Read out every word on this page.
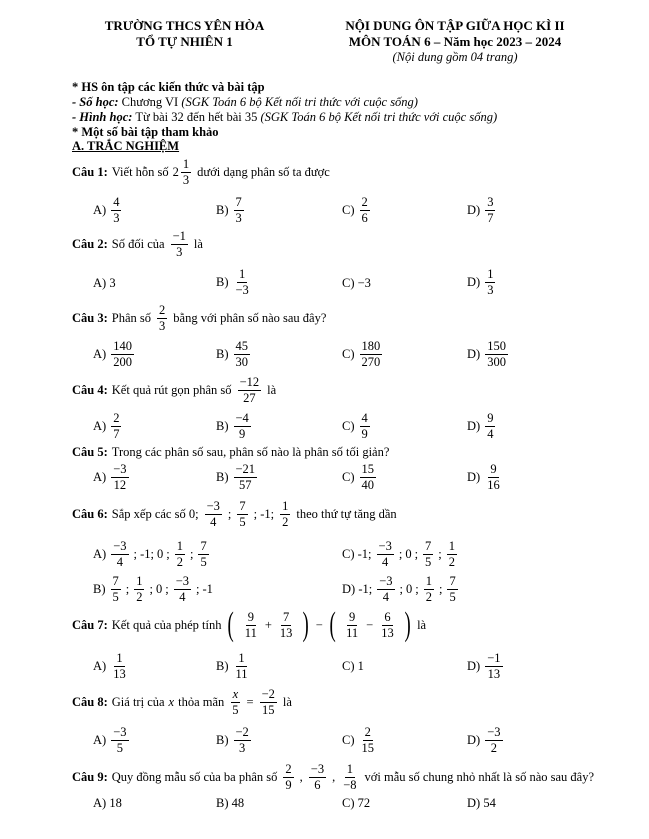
TRƯỜNG THCS YÊN HÒA
TỔ TỰ NHIÊN 1
NỘI DUNG ÔN TẬP GIỮA HỌC KÌ II
MÔN TOÁN 6 – Năm học 2023 – 2024
(Nội dung gồm 04 trang)
* HS ôn tập các kiến thức và bài tập
- Số học: Chương VI (SGK Toán 6 bộ Kết nối tri thức với cuộc sống)
- Hình học: Từ bài 32 đến hết bài 35 (SGK Toán 6 bộ Kết nối tri thức với cuộc sống)
* Một số bài tập tham khảo
A. TRẮC NGHIỆM
Câu 1: Viết hỗn số $2 \frac{1}{3}$ dưới dạng phân số ta được
$A) \frac{4}{3}$	$B) \frac{7}{3}$	$C) \frac{2}{6}$	$D) \frac{3}{7}$
Câu 2: Số đối của $\frac{-1}{3}$ là
A) 3	$B) \frac{1}{-3}$	C) −3	$D) \frac{1}{3}$
Câu 3: Phân số $\frac{2}{3}$ bằng với phân số nào sau đây?
$A) \frac{140}{200}$	$B) \frac{45}{30}$	$C) \frac{180}{270}$	$D) \frac{150}{300}$
Câu 4: Kết quả rút gọn phân số $\frac{-12}{27}$ là
$A) \frac{2}{7}$	$B) \frac{-4}{9}$	$C) \frac{4}{9}$	$D) \frac{9}{4}$
Câu 5: Trong các phân số sau, phân số nào là phân số tối giản?
$A) \frac{-3}{12}$	$B) \frac{-21}{57}$	$C) \frac{15}{40}$	$D) \frac{9}{16}$
Câu 6: Sắp xếp các số 0; $\frac{-3}{4}$ ; $\frac{7}{5}$ ; -1; $\frac{1}{2}$ theo thứ tự tăng dần
$A) \frac{-3}{4}$ ; -1; 0 ; $\frac{1}{2}$ ; $\frac{7}{5}$	C) -1; $\frac{-3}{4}$ ; 0 ; $\frac{7}{5}$ ; $\frac{1}{2}$
$B) \frac{7}{5}$ ; $\frac{1}{2}$ ; 0 ; $\frac{-3}{4}$ ; -1	D) -1; $\frac{-3}{4}$ ; 0 ; $\frac{1}{2}$ ; $\frac{7}{5}$
Câu 7: Kết quả của phép tính ( $\frac{9}{11} + \frac{7}{13}$ ) − ( $\frac{9}{11} - \frac{6}{13}$ ) là
$A) \frac{1}{13}$	$B) \frac{1}{11}$	C) 1	$D) \frac{-1}{13}$
Câu 8: Giá trị của x thỏa mãn $\frac{x}{5} = \frac{-2}{15}$ là
$A) \frac{-3}{5}$	$B) \frac{-2}{3}$	$C) \frac{2}{15}$	$D) \frac{-3}{2}$
Câu 9: Quy đồng mẫu số của ba phân số $\frac{2}{9}$ , $\frac{-3}{6}$ , $\frac{1}{-8}$ với mẫu số chung nhỏ nhất là số nào sau đây?
A) 18	B) 48	C) 72	D) 54
